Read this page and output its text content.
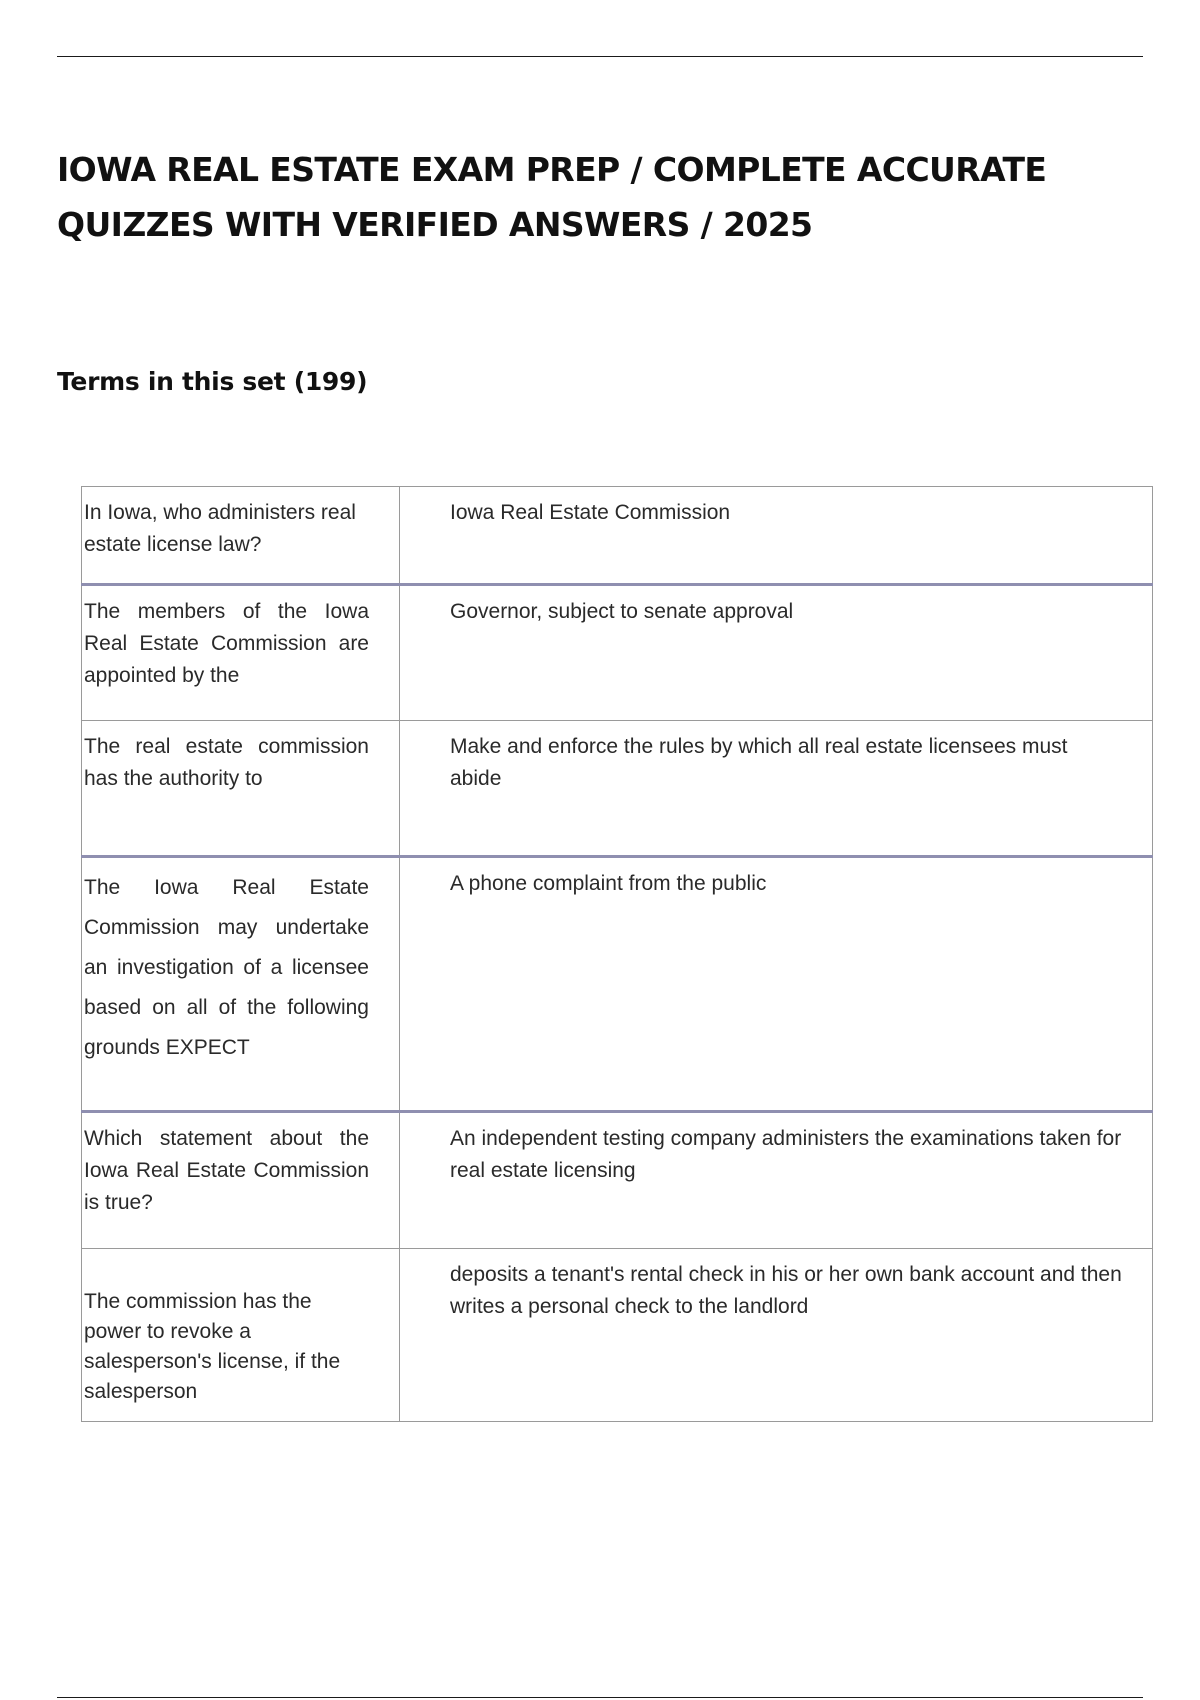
IOWA REAL ESTATE EXAM PREP / COMPLETE ACCURATE QUIZZES WITH VERIFIED ANSWERS / 2025
Terms in this set (199)
In Iowa, who administers real estate license law?	Iowa Real Estate Commission
The members of the Iowa Real Estate Commission are appointed by the	Governor, subject to senate approval
The real estate commission has the authority to	Make and enforce the rules by which all real estate licensees must abide
The Iowa Real Estate Commission may undertake an investigation of a licensee based on all of the following grounds EXPECT	A phone complaint from the public
Which statement about the Iowa Real Estate Commission is true?	An independent testing company administers the examinations taken for real estate licensing
The commission has the power to revoke a salesperson's license, if the salesperson	deposits a tenant's rental check in his or her own bank account and then writes a personal check to the landlord
